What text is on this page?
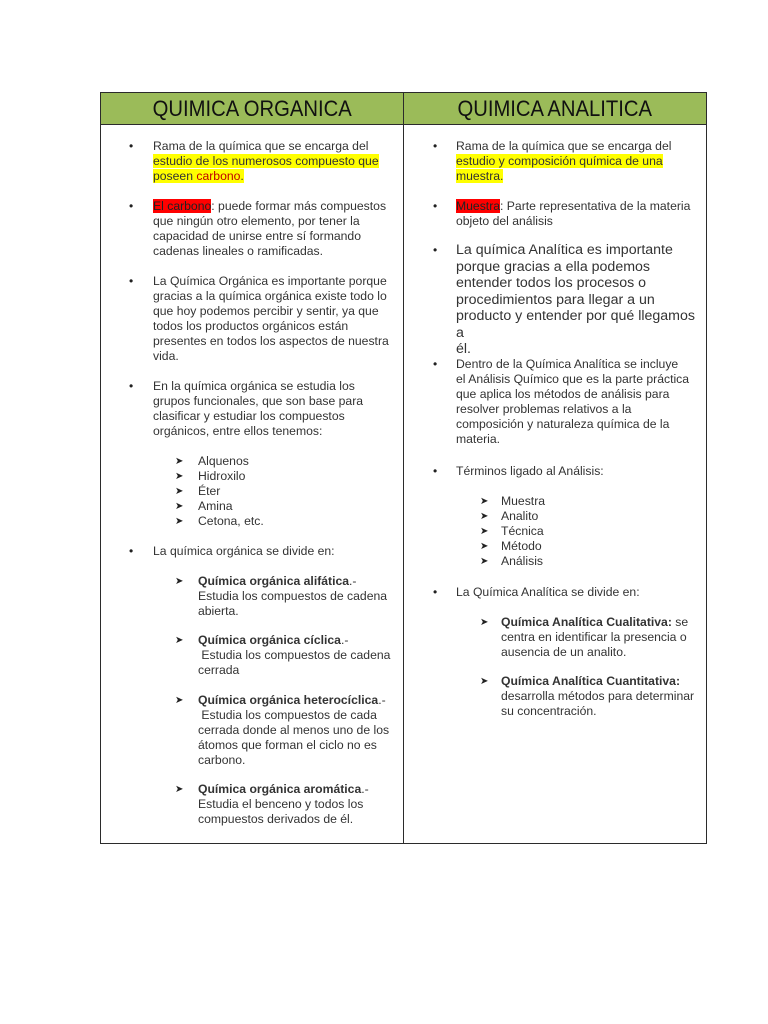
QUIMICA ORGANICA
• Rama de la química que se encarga del
estudio de los numerosos compuesto que
poseen carbono.
• El carbono: puede formar más compuestos
que ningún otro elemento, por tener la
capacidad de unirse entre sí formando
cadenas lineales o ramificadas.
• La Química Orgánica es importante porque
gracias a la química orgánica existe todo lo
que hoy podemos percibir y sentir, ya que
todos los productos orgánicos están
presentes en todos los aspectos de nuestra
vida.
• En la química orgánica se estudia los
grupos funcionales, que son base para
clasificar y estudiar los compuestos
orgánicos, entre ellos tenemos:
➤ Alquenos
➤ Hidroxilo
➤ Éter
➤ Amina
➤ Cetona, etc.
• La química orgánica se divide en:
➤ Química orgánica alifática.-
Estudia los compuestos de cadena
abierta.
➤ Química orgánica cíclica.-
Estudia los compuestos de cadena
cerrada
➤ Química orgánica heterocíclica.-
Estudia los compuestos de cada
cerrada donde al menos uno de los
átomos que forman el ciclo no es
carbono.
➤ Química orgánica aromática.-
Estudia el benceno y todos los
compuestos derivados de él.
QUIMICA ANALITICA
• Rama de la química que se encarga del
estudio y composición química de una
muestra.
• Muestra: Parte representativa de la materia
objeto del análisis
• La química Analítica es importante
porque gracias a ella podemos
entender todos los procesos o
procedimientos para llegar a un
producto y entender por qué llegamos a
él.
• Dentro de la Química Analítica se incluye
el Análisis Químico que es la parte práctica
que aplica los métodos de análisis para
resolver problemas relativos a la
composición y naturaleza química de la
materia.
• Términos ligado al Análisis:
➤ Muestra
➤ Analito
➤ Técnica
➤ Método
➤ Análisis
• La Química Analítica se divide en:
➤ Química Analítica Cualitativa: se
centra en identificar la presencia o
ausencia de un analito.
➤ Química Analítica Cuantitativa:
desarrolla métodos para determinar
su concentración.
